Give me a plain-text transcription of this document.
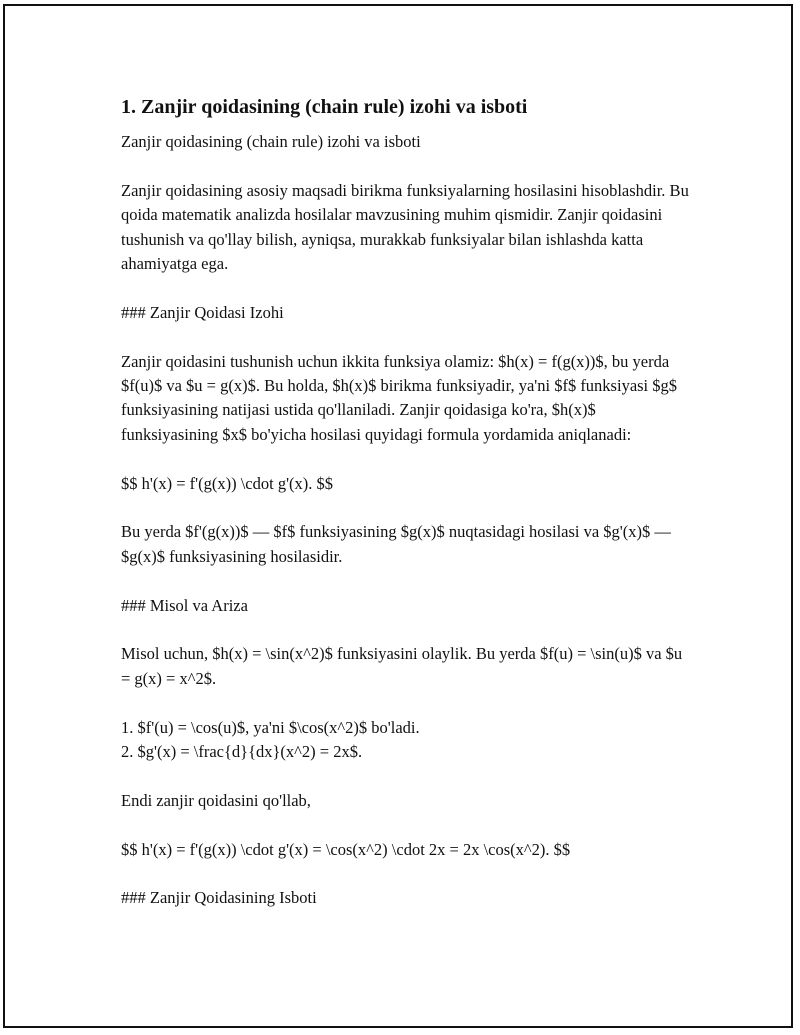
1. Zanjir qoidasining (chain rule) izohi va isboti

Zanjir qoidasining (chain rule) izohi va isboti

Zanjir qoidasining asosiy maqsadi birikma funksiyalarning hosilasini hisoblashdir. Bu qoida matematik analizda hosilalar mavzusining muhim qismidir. Zanjir qoidasini tushunish va qo'llay bilish, ayniqsa, murakkab funksiyalar bilan ishlashda katta ahamiyatga ega.

### Zanjir Qoidasi Izohi

Zanjir qoidasini tushunish uchun ikkita funksiya olamiz: $h(x) = f(g(x))$, bu yerda $f(u)$ va $u = g(x)$. Bu holda, $h(x)$ birikma funksiyadir, ya'ni $f$ funksiyasi $g$ funksiyasining natijasi ustida qo'llaniladi. Zanjir qoidasiga ko'ra, $h(x)$ funksiyasining $x$ bo'yicha hosilasi quyidagi formula yordamida aniqlanadi:

$$ h'(x) = f'(g(x)) \cdot g'(x). $$

Bu yerda $f'(g(x))$ — $f$ funksiyasining $g(x)$ nuqtasidagi hosilasi va $g'(x)$ — $g(x)$ funksiyasining hosilasidir.

### Misol va Ariza

Misol uchun, $h(x) = \sin(x^2)$ funksiyasini olaylik. Bu yerda $f(u) = \sin(u)$ va $u = g(x) = x^2$.

1. $f'(u) = \cos(u)$, ya'ni $\cos(x^2)$ bo'ladi.
2. $g'(x) = \frac{d}{dx}(x^2) = 2x$.

Endi zanjir qoidasini qo'llab,

$$ h'(x) = f'(g(x)) \cdot g'(x) = \cos(x^2) \cdot 2x = 2x \cos(x^2). $$

### Zanjir Qoidasining Isboti
